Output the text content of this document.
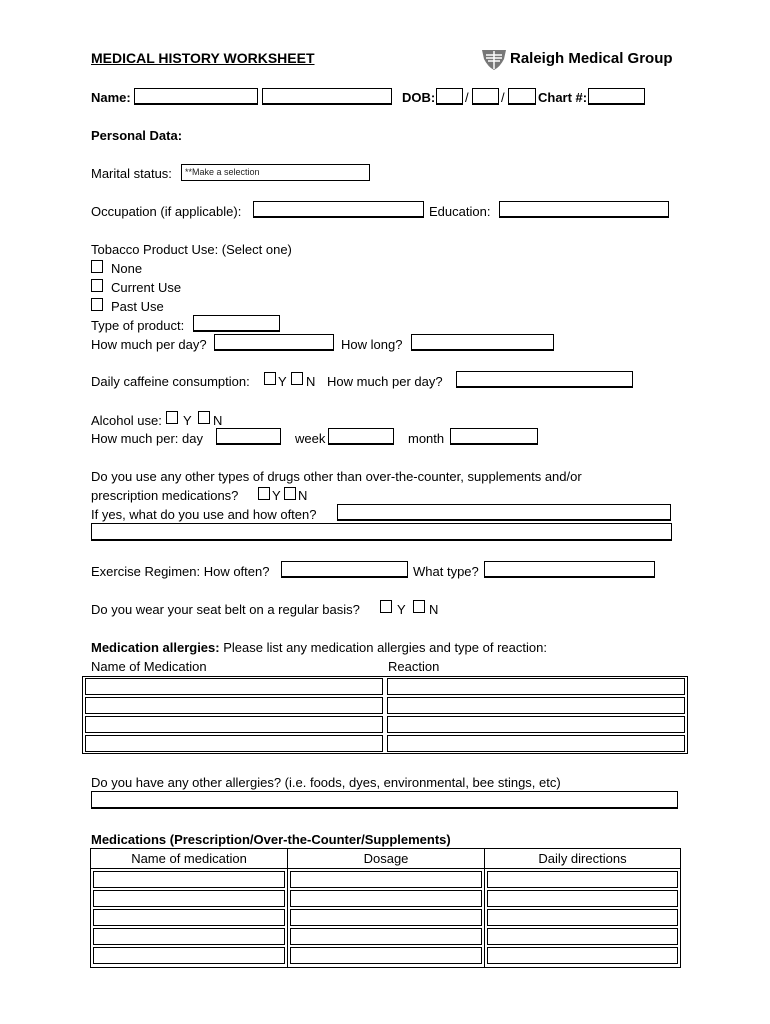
MEDICAL HISTORY WORKSHEET	Raleigh Medical Group
Name:	DOB: / /	Chart #:
Personal Data:
Marital status:	**Make a selection
Occupation (if applicable):	Education:
Tobacco Product Use: (Select one)
None
Current Use
Past Use
Type of product:
How much per day?	How long?
Daily caffeine consumption: Y N How much per day?
Alcohol use: Y N
How much per: day	week	month
Do you use any other types of drugs other than over-the-counter, supplements and/or
prescription medications?	Y N
If yes, what do you use and how often?
Exercise Regimen: How often?	What type?
Do you wear your seat belt on a regular basis?	Y N
Medication allergies: Please list any medication allergies and type of reaction:
Name of Medication	Reaction
Do you have any other allergies? (i.e. foods, dyes, environmental, bee stings, etc)
Medications (Prescription/Over-the-Counter/Supplements)
Name of medication	Dosage	Daily directions
